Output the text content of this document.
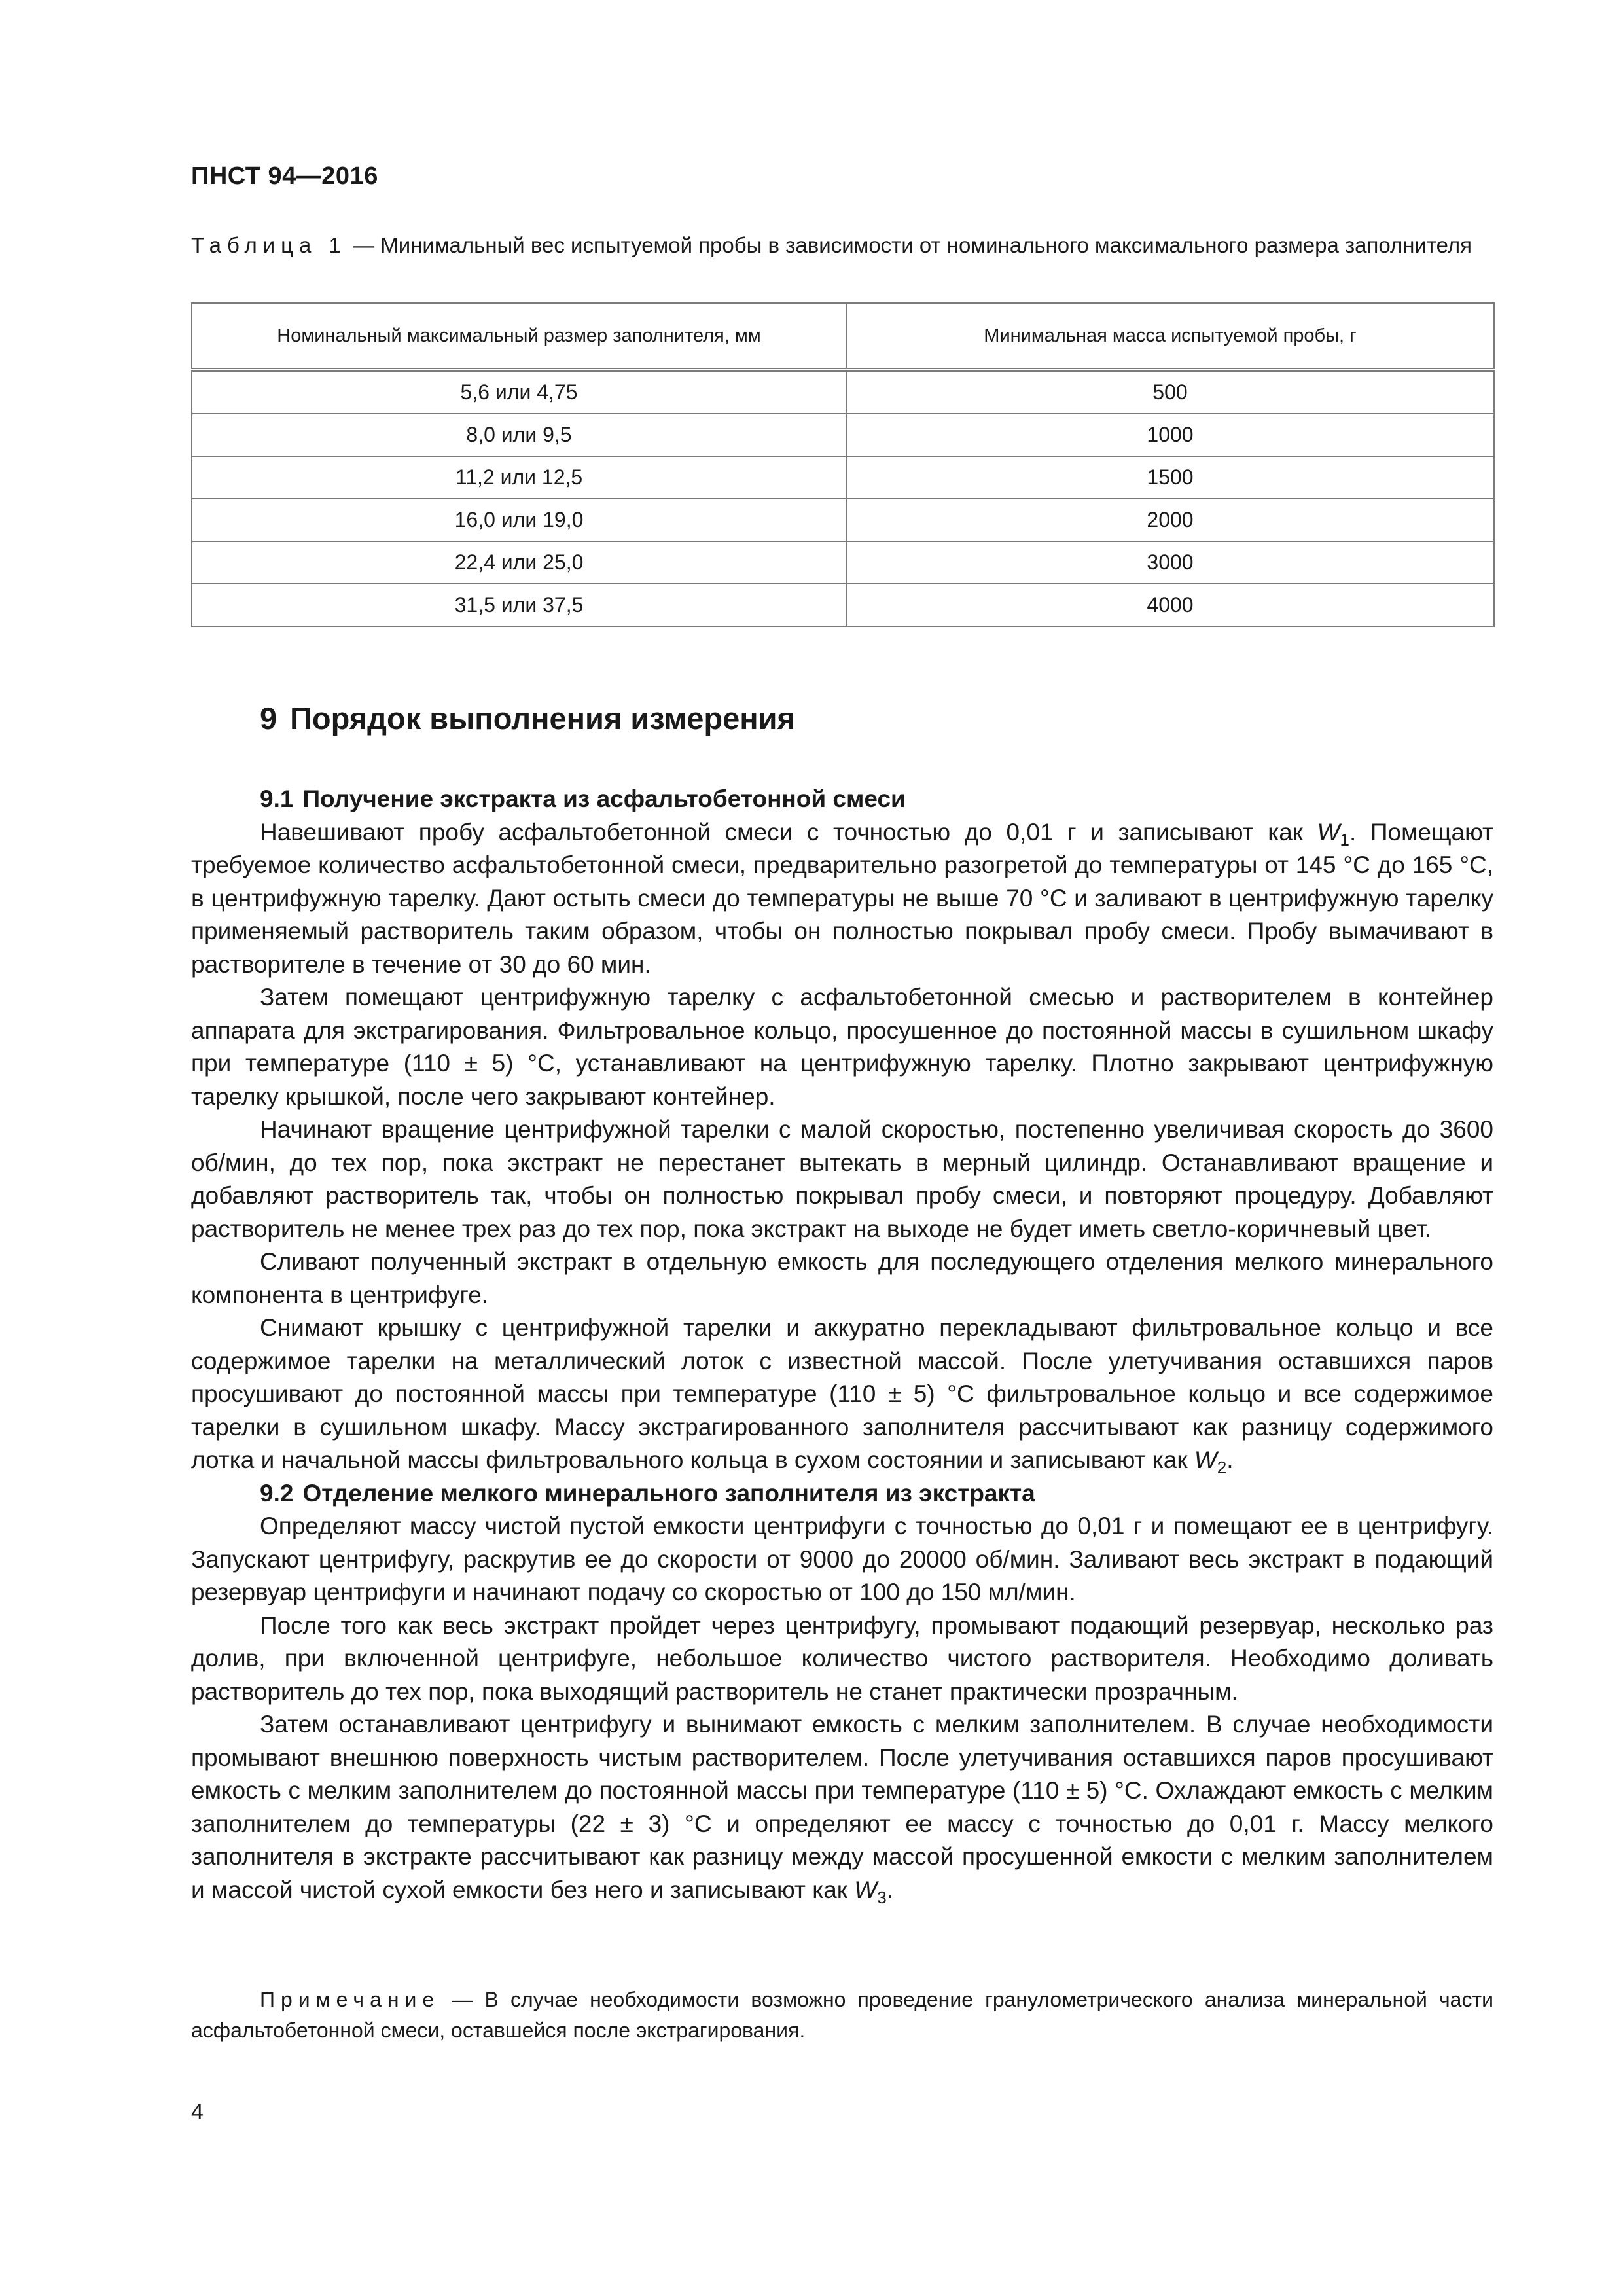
ПНСТ 94—2016
Таблица 1 — Минимальный вес испытуемой пробы в зависимости от номинального максимального размера заполнителя
Номинальный максимальный размер заполнителя, мм	Минимальная масса испытуемой пробы, г
5,6 или 4,75	500
8,0 или 9,5	1000
11,2 или 12,5	1500
16,0 или 19,0	2000
22,4 или 25,0	3000
31,5 или 37,5	4000
9 Порядок выполнения измерения
9.1 Получение экстракта из асфальтобетонной смеси

Навешивают пробу асфальтобетонной смеси с точностью до 0,01 г и записывают как $W_1$. Помещают требуемое количество асфальтобетонной смеси, предварительно разогретой до температуры от 145 °С до 165 °С, в центрифужную тарелку. Дают остыть смеси до температуры не выше 70 °С и заливают в центрифужную тарелку применяемый растворитель таким образом, чтобы он полностью покрывал пробу смеси. Пробу вымачивают в растворителе в течение от 30 до 60 мин.

Затем помещают центрифужную тарелку с асфальтобетонной смесью и растворителем в контейнер аппарата для экстрагирования. Фильтровальное кольцо, просушенное до постоянной массы в сушильном шкафу при температуре (110 ± 5) °С, устанавливают на центрифужную тарелку. Плотно закрывают центрифужную тарелку крышкой, после чего закрывают контейнер.

Начинают вращение центрифужной тарелки с малой скоростью, постепенно увеличивая скорость до 3600 об/мин, до тех пор, пока экстракт не перестанет вытекать в мерный цилиндр. Останавливают вращение и добавляют растворитель так, чтобы он полностью покрывал пробу смеси, и повторяют процедуру. Добавляют растворитель не менее трех раз до тех пор, пока экстракт на выходе не будет иметь светло-коричневый цвет.

Сливают полученный экстракт в отдельную емкость для последующего отделения мелкого минерального компонента в центрифуге.

Снимают крышку с центрифужной тарелки и аккуратно перекладывают фильтровальное кольцо и все содержимое тарелки на металлический лоток с известной массой. После улетучивания оставшихся паров просушивают до постоянной массы при температуре (110 ± 5) °С фильтровальное кольцо и все содержимое тарелки в сушильном шкафу. Массу экстрагированного заполнителя рассчитывают как разницу содержимого лотка и начальной массы фильтровального кольца в сухом состоянии и записывают как $W_2$.

9.2 Отделение мелкого минерального заполнителя из экстракта

Определяют массу чистой пустой емкости центрифуги с точностью до 0,01 г и помещают ее в центрифугу. Запускают центрифугу, раскрутив ее до скорости от 9000 до 20000 об/мин. Заливают весь экстракт в подающий резервуар центрифуги и начинают подачу со скоростью от 100 до 150 мл/мин.

После того как весь экстракт пройдет через центрифугу, промывают подающий резервуар, несколько раз долив, при включенной центрифуге, небольшое количество чистого растворителя. Необходимо доливать растворитель до тех пор, пока выходящий растворитель не станет практически прозрачным.

Затем останавливают центрифугу и вынимают емкость с мелким заполнителем. В случае необходимости промывают внешнюю поверхность чистым растворителем. После улетучивания оставшихся паров просушивают емкость с мелким заполнителем до постоянной массы при температуре (110 ± 5) °С. Охлаждают емкость с мелким заполнителем до температуры (22 ± 3) °С и определяют ее массу с точностью до 0,01 г. Массу мелкого заполнителя в экстракте рассчитывают как разницу между массой просушенной емкости с мелким заполнителем и массой чистой сухой емкости без него и записывают как $W_3$.

Примечание — В случае необходимости возможно проведение гранулометрического анализа минеральной части асфальтобетонной смеси, оставшейся после экстрагирования.

4
